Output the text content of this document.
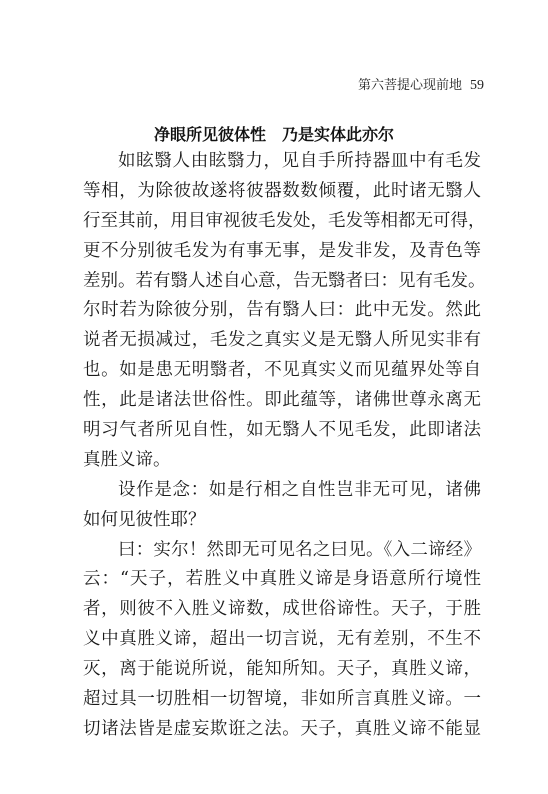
第六菩提心现前地 59
净眼所见彼体性　乃是实体此亦尔
如眩翳人由眩翳力，见自手所持器皿中有毛发
等相，为除彼故遂将彼器数数倾覆，此时诸无翳人
行至其前，用目审视彼毛发处，毛发等相都无可得，
更不分别彼毛发为有事无事，是发非发，及青色等
差别。若有翳人述自心意，告无翳者曰：见有毛发。
尔时若为除彼分别，告有翳人曰：此中无发。然此
说者无损减过，毛发之真实义是无翳人所见实非有
也。如是患无明翳者，不见真实义而见蕴界处等自
性，此是诸法世俗性。即此蕴等，诸佛世尊永离无
明习气者所见自性，如无翳人不见毛发，此即诸法
真胜义谛。
设作是念：如是行相之自性岂非无可见，诸佛
如何见彼性耶？
曰：实尔！然即无可见名之曰见。《入二谛经》
云：“天子，若胜义中真胜义谛是身语意所行境性
者，则彼不入胜义谛数，成世俗谛性。天子，于胜
义中真胜义谛，超出一切言说，无有差别，不生不
灭，离于能说所说，能知所知。天子，真胜义谛，
超过具一切胜相一切智境，非如所言真胜义谛。一
切诸法皆是虚妄欺诳之法。天子，真胜义谛不能显
